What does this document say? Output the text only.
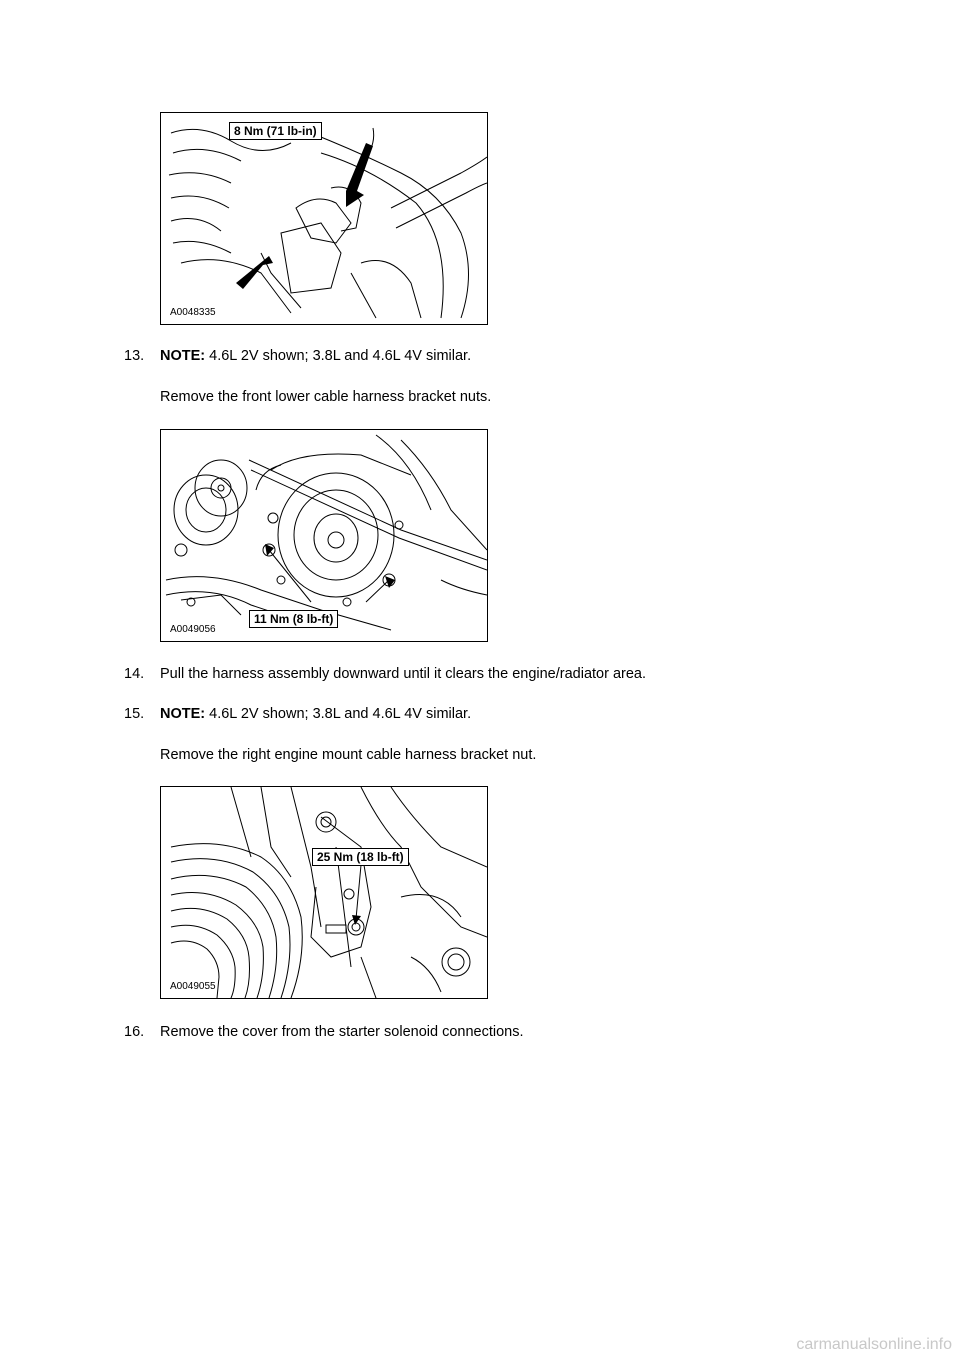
8 Nm (71 lb-in)
A0048335
13. NOTE: 4.6L 2V shown; 3.8L and 4.6L 4V similar.
Remove the front lower cable harness bracket nuts.
11 Nm (8 lb-ft)
A0049056
14. Pull the harness assembly downward until it clears the engine/radiator area.
15. NOTE: 4.6L 2V shown; 3.8L and 4.6L 4V similar.
Remove the right engine mount cable harness bracket nut.
25 Nm (18 lb-ft)
A0049055
16. Remove the cover from the starter solenoid connections.
carmanualsonline.info
